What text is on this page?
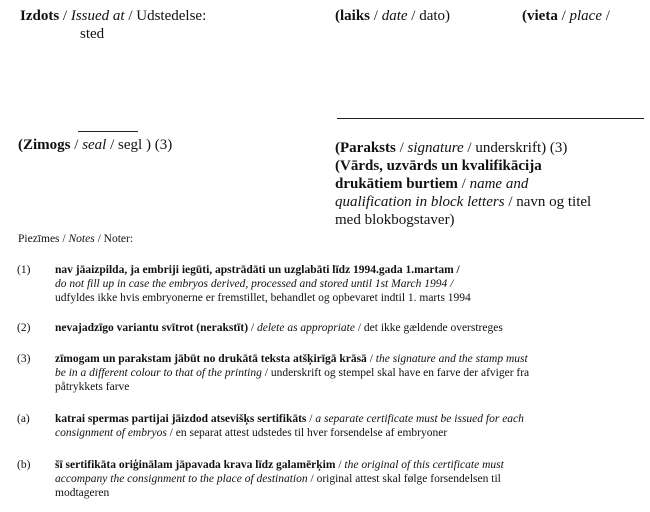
Izdots / Issued at / Udstedelse:
sted
(laiks / date / dato)	(vieta / place /
(Zimogs / seal / segl ) (3)	(Paraksts / signature / underskrift) (3)
(Vārds, uzvārds un kvalifikācija
drukātiem burtiem / name and
qualification in block letters / navn og titel
med blokbogstaver)
Piezīmes / Notes / Noter:
(1) nav jāaizpilda, ja embriji iegūti, apstrādāti un uzglabāti līdz 1994.gada 1.martam /
do not fill up in case the embryos derived, processed and stored until 1st March 1994 /
udfyldes ikke hvis embryonerne er fremstillet, behandlet og opbevaret indtil 1. marts 1994
(2) nevajadzīgo variantu svītrot (nerakstīt) / delete as appropriate / det ikke gældende overstreges
(3) zīmogam un parakstam jābūt no drukātā teksta atšķirīgā krāsā / the signature and the stamp must
be in a different colour to that of the printing / underskrift og stempel skal have en farve der afviger fra
påtrykkets farve
(a) katrai spermas partijai jāizdod atsevišķs sertifikāts / a separate certificate must be issued for each
consignment of embryos / en separat attest udstedes til hver forsendelse af embryoner
(b) šī sertifikāta oriģinālam jāpavada krava līdz galamērķim / the original of this certificate must
accompany the consignment to the place of destination / original attest skal følge forsendelsen til
modtageren
